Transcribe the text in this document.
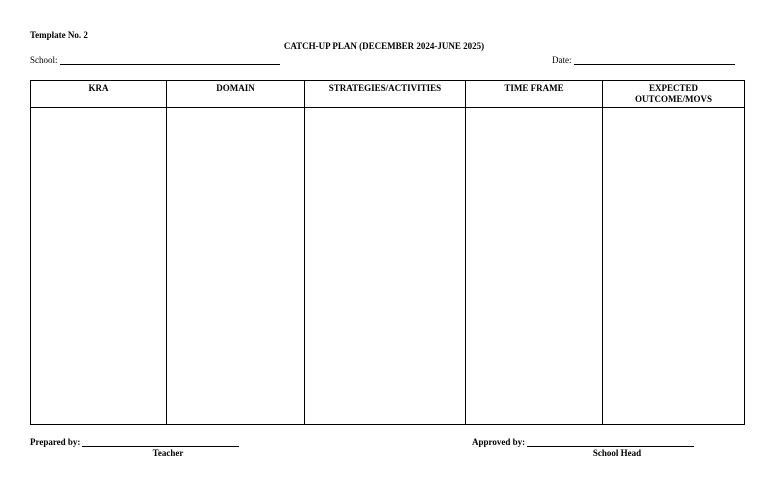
Template No. 2
CATCH-UP PLAN (DECEMBER 2024-JUNE 2025)
School:	Date:
KRA	DOMAIN	STRATEGIES/ACTIVITIES	TIME FRAME	EXPECTED OUTCOME/MOVS

Prepared by:
Teacher
Approved by:
School Head
